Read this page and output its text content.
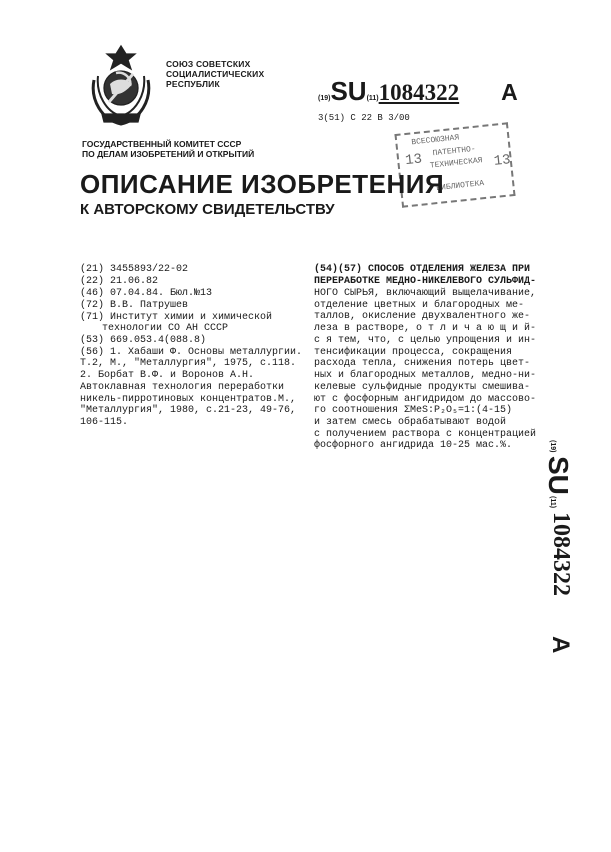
СОЮЗ СОВЕТСКИХ
СОЦИАЛИСТИЧЕСКИХ
РЕСПУБЛИК
(19)SU(11)1084322 A
3(51) С 22 В 3/00
ВСЕСОЮЗНАЯ
13 ПАТЕНТНО-
ТЕХНИЧЕСКАЯ
БИБЛИОТЕКА
13
ГОСУДАРСТВЕННЫЙ КОМИТЕТ СССР
ПО ДЕЛАМ ИЗОБРЕТЕНИЙ И ОТКРЫТИЙ
ОПИСАНИЕ ИЗОБРЕТЕНИЯ
К АВТОРСКОМУ СВИДЕТЕЛЬСТВУ
(21) 3455893/22-02
(22) 21.06.82
(46) 07.04.84. Бюл.№13
(72) В.В. Патрушев
(71) Институт химии и химической
технологии СО АН СССР
(53) 669.053.4(088.8)
(56) 1. Хабаши Ф. Основы металлургии.
Т.2, М., "Металлургия", 1975, с.118.
2. Борбат В.Ф. и Воронов А.Н.
Автоклавная технология переработки
никель-пирротиновых концентратов.М.,
"Металлургия", 1980, с.21-23, 49-76,
106-115.
(54)(57) СПОСОБ ОТДЕЛЕНИЯ ЖЕЛЕЗА ПРИ
ПЕРЕРАБОТКЕ МЕДНО-НИКЕЛЕВОГО СУЛЬФИД-
НОГО СЫРЬЯ, включающий выщелачивание,
отделение цветных и благородных ме-
таллов, окисление двухвалентного же-
леза в растворе, о т л и ч а ю щ и й-
с я тем, что, с целью упрощения и ин-
тенсификации процесса, сокращения
расхода тепла, снижения потерь цвет-
ных и благородных металлов, медно-ни-
келевые сульфидные продукты смешива-
ют с фосфорным ангидридом до массово-
го соотношения ΣMeS:P₂O₅=1:(4-15)
и затем смесь обрабатывают водой
с получением раствора с концентрацией
фосфорного ангидрида 10-25 мас.%.	(19)
SU
(11)
1084322
A
